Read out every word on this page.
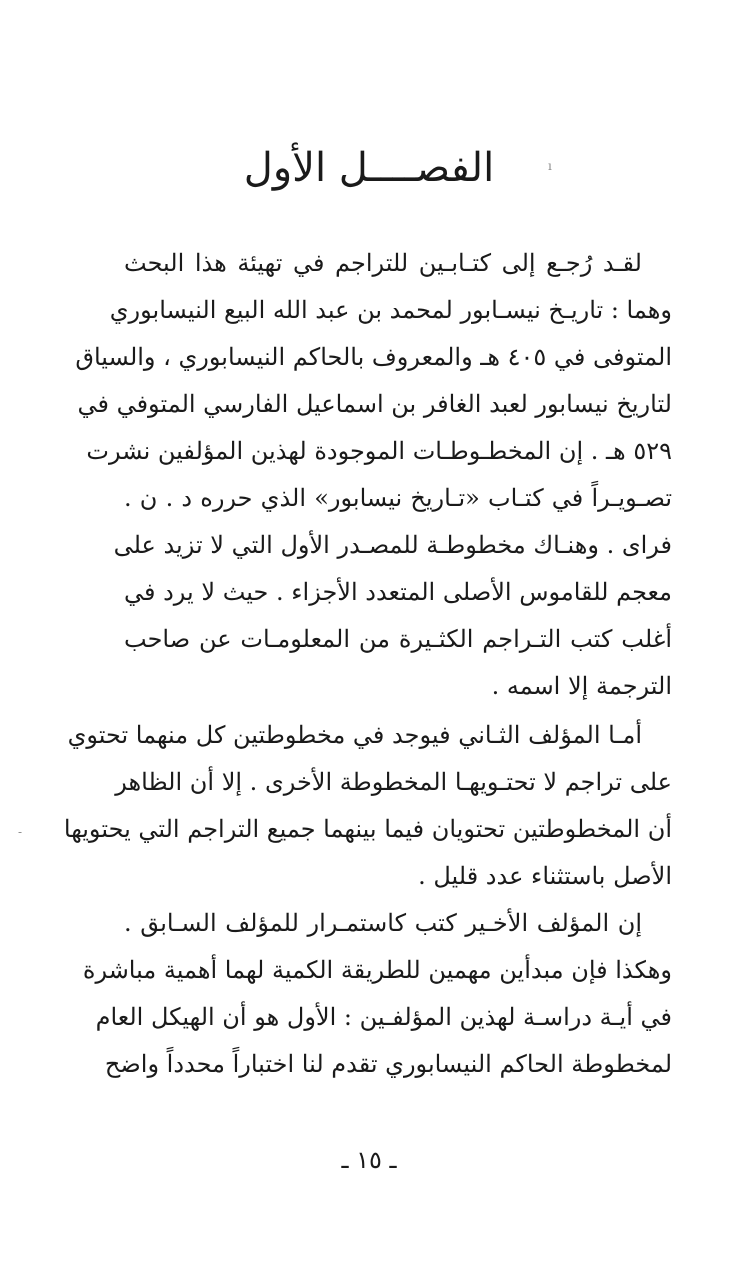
ı
-
الفصــــل الأول
لقـد رُجـع إلى كتـابـين للتراجم في تهيئة هذا البحث
وهما : تاريـخ نيسـابور لمحمد بن عبد الله البيع النيسابوري
المتوفى في ٤٠٥ هـ والمعروف بالحاكم النيسابوري ، والسياق
لتاريخ نيسابور لعبد الغافر بن اسماعيل الفارسي المتوفي في
٥٢٩ هـ . إن المخطـوطـات الموجودة لهذين المؤلفين نشرت
تصـويـراً في كتـاب «تـاريخ نيسابور» الذي حرره د . ن .
فراى . وهنـاك مخطوطـة للمصـدر الأول التي لا تزيد على
معجم للقاموس الأصلى المتعدد الأجزاء . حيث لا يرد في
أغلب كتب التـراجم الكثـيرة من المعلومـات عن صاحب
الترجمة إلا اسمه .
أمـا المؤلف الثـاني فيوجد في مخطوطتين كل منهما تحتوي
على تراجم لا تحتـويهـا المخطوطة الأخرى . إلا أن الظاهر
أن المخطوطتين تحتويان فيما بينهما جميع التراجم التي يحتويها
الأصل باستثناء عدد قليل .
إن المؤلف الأخـير كتب كاستمـرار للمؤلف السـابق .
وهكذا فإن مبدأين مهمين للطريقة الكمية لهما أهمية مباشرة
في أيـة دراسـة لهذين المؤلفـين : الأول هو أن الهيكل العام
لمخطوطة الحاكم النيسابوري تقدم لنا اختباراً محدداً واضح
ـ ١٥ ـ
